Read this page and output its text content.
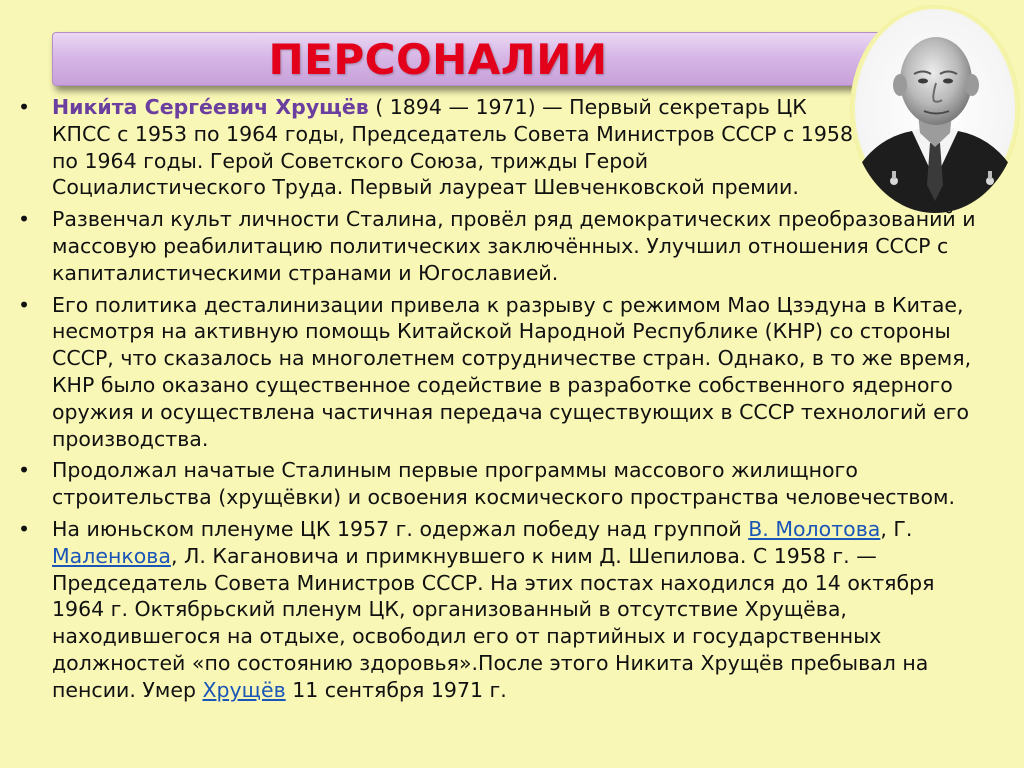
ПЕРСОНАЛИИ
•	Ники́та Серге́евич Хрущёв ( 1894 — 1971) — Первый секретарь ЦК КПСС с 1953 по 1964 годы, Председатель Совета Министров СССР с 1958 по 1964 годы. Герой Советского Союза, трижды Герой Социалистического Труда. Первый лауреат Шевченковской премии.
•	Развенчал культ личности Сталина, провёл ряд демократических преобразований и массовую реабилитацию политических заключённых. Улучшил отношения СССР с капиталистическими странами и Югославией.
•	Его политика десталинизации привела к разрыву с режимом Мао Цзэдуна в Китае, несмотря на активную помощь Китайской Народной Республике (КНР) со стороны СССР, что сказалось на многолетнем сотрудничестве стран. Однако, в то же время, КНР было оказано существенное содействие в разработке собственного ядерного оружия и осуществлена частичная передача существующих в СССР технологий его производства.
•	Продолжал начатые Сталиным первые программы массового жилищного строительства (хрущёвки) и освоения космического пространства человечеством.
•	На июньском пленуме ЦК 1957 г. одержал победу над группой В. Молотова, Г. Маленкова, Л. Кагановича и примкнувшего к ним Д. Шепилова. С 1958 г. — Председатель Совета Министров СССР. На этих постах находился до 14 октября 1964 г. Октябрьский пленум ЦК, организованный в отсутствие Хрущёва, находившегося на отдыхе, освободил его от партийных и государственных должностей «по состоянию здоровья».После этого Никита Хрущёв пребывал на пенсии. Умер Хрущёв 11 сентября 1971 г.
